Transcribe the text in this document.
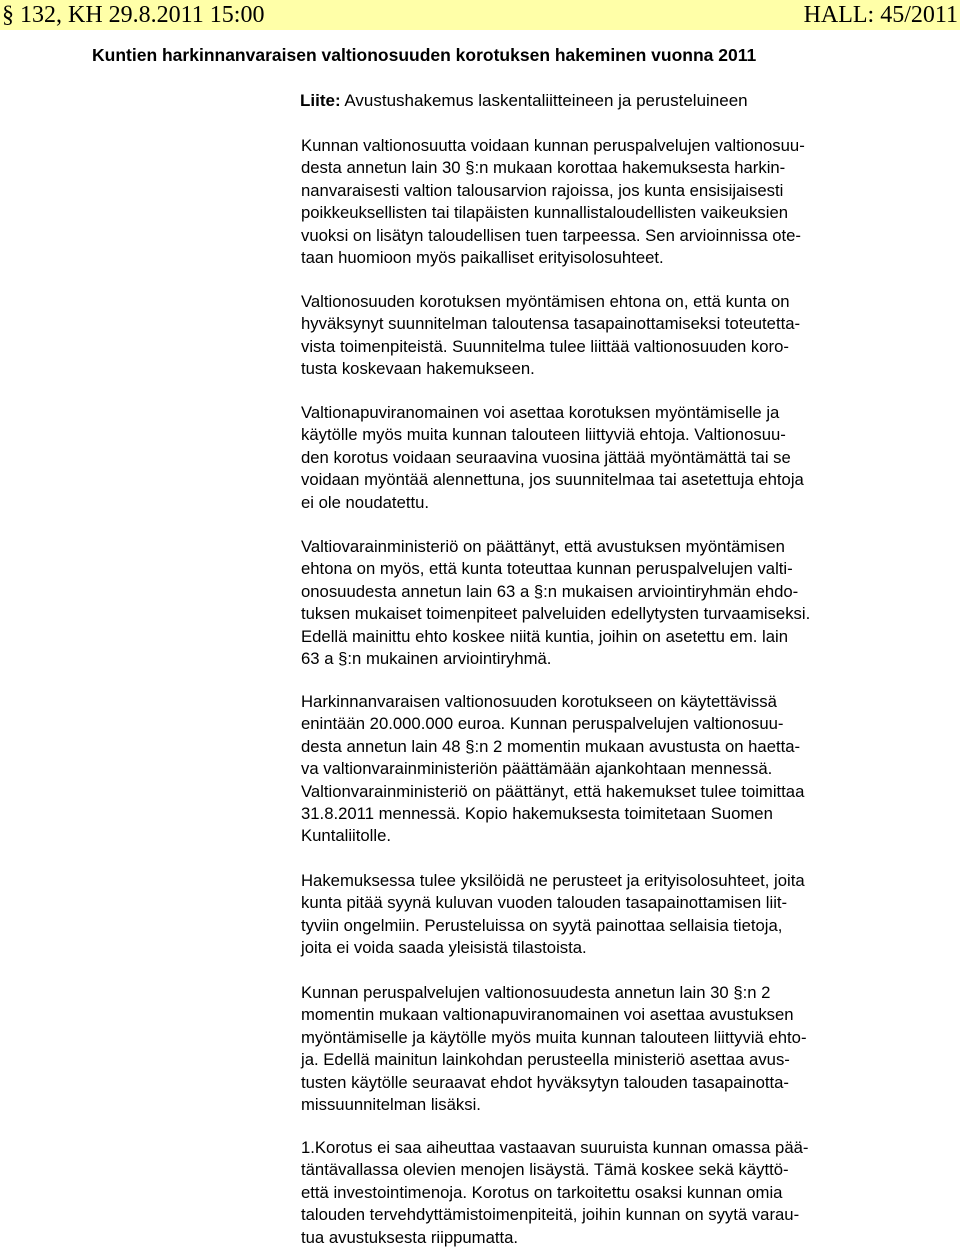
§ 132, KH 29.8.2011 15:00	HALL: 45/2011
Kuntien harkinnanvaraisen valtionosuuden korotuksen hakeminen vuonna 2011
Liite: Avustushakemus laskentaliitteineen ja perusteluineen
Kunnan valtionosuutta voidaan kunnan peruspalvelujen valtionosuu-
desta annetun lain 30 §:n mukaan korottaa hakemuksesta harkin-
nanvaraisesti valtion talousarvion rajoissa, jos kunta ensisijaisesti
poikkeuksellisten tai tilapäisten kunnallistaloudellisten vaikeuksien
vuoksi on lisätyn taloudellisen tuen tarpeessa. Sen arvioinnissa ote-
taan huomioon myös paikalliset erityisolosuhteet.
Valtionosuuden korotuksen myöntämisen ehtona on, että kunta on
hyväksynyt suunnitelman taloutensa tasapainottamiseksi toteutetta-
vista toimenpiteistä. Suunnitelma tulee liittää valtionosuuden koro-
tusta koskevaan hakemukseen.
Valtionapuviranomainen voi asettaa korotuksen myöntämiselle ja
käytölle myös muita kunnan talouteen liittyviä ehtoja. Valtionosuu-
den korotus voidaan seuraavina vuosina jättää myöntämättä tai se
voidaan myöntää alennettuna, jos suunnitelmaa tai asetettuja ehtoja
ei ole noudatettu.
Valtiovarainministeriö on päättänyt, että avustuksen myöntämisen
ehtona on myös, että kunta toteuttaa kunnan peruspalvelujen valti-
onosuudesta annetun lain 63 a §:n mukaisen arviointiryhmän ehdo-
tuksen mukaiset toimenpiteet palveluiden edellytysten turvaamiseksi.
Edellä mainittu ehto koskee niitä kuntia, joihin on asetettu em. lain
63 a §:n mukainen arviointiryhmä.
Harkinnanvaraisen valtionosuuden korotukseen on käytettävissä
enintään 20.000.000 euroa. Kunnan peruspalvelujen valtionosuu-
desta annetun lain 48 §:n 2 momentin mukaan avustusta on haetta-
va valtionvarainministeriön päättämään ajankohtaan mennessä.
Valtionvarainministeriö on päättänyt, että hakemukset tulee toimittaa
31.8.2011 mennessä. Kopio hakemuksesta toimitetaan Suomen
Kuntaliitolle.
Hakemuksessa tulee yksilöidä ne perusteet ja erityisolosuhteet, joita
kunta pitää syynä kuluvan vuoden talouden tasapainottamisen liit-
tyviin ongelmiin. Perusteluissa on syytä painottaa sellaisia tietoja,
joita ei voida saada yleisistä tilastoista.
Kunnan peruspalvelujen valtionosuudesta annetun lain 30 §:n 2
momentin mukaan valtionapuviranomainen voi asettaa avustuksen
myöntämiselle ja käytölle myös muita kunnan talouteen liittyviä ehto-
ja. Edellä mainitun lainkohdan perusteella ministeriö asettaa avus-
tusten käytölle seuraavat ehdot hyväksytyn talouden tasapainotta-
missuunnitelman lisäksi.
1.Korotus ei saa aiheuttaa vastaavan suuruista kunnan omassa pää-
täntävallassa olevien menojen lisäystä. Tämä koskee sekä käyttö-
että investointimenoja. Korotus on tarkoitettu osaksi kunnan omia
talouden tervehdyttämistoimenpiteitä, joihin kunnan on syytä varau-
tua avustuksesta riippumatta.
